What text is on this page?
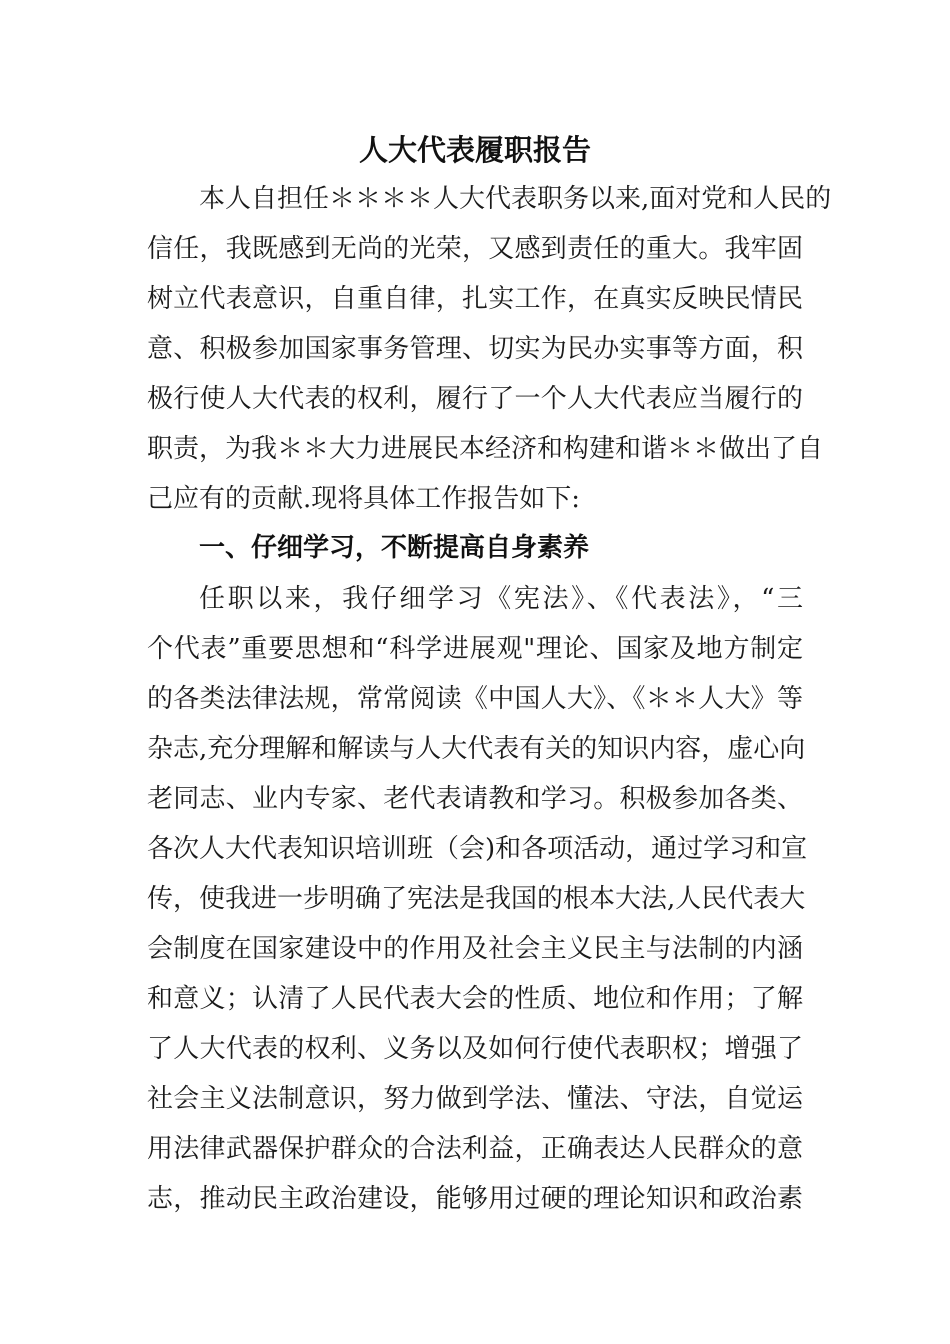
人大代表履职报告
本人自担任＊＊＊＊人大代表职务以来,面对党和人民的
信任，我既感到无尚的光荣，又感到责任的重大。我牢固
树立代表意识，自重自律，扎实工作，在真实反映民情民
意、积极参加国家事务管理、切实为民办实事等方面，积
极行使人大代表的权利，履行了一个人大代表应当履行的
职责，为我＊＊大力进展民本经济和构建和谐＊＊做出了自
己应有的贡献.现将具体工作报告如下:
一、仔细学习，不断提高自身素养
任职以来，我仔细学习《宪法》、《代表法》，“三
个代表”重要思想和“科学进展观"理论、国家及地方制定
的各类法律法规，常常阅读《中国人大》、《＊＊人大》等
杂志,充分理解和解读与人大代表有关的知识内容，虚心向
老同志、业内专家、老代表请教和学习。积极参加各类、
各次人大代表知识培训班（会)和各项活动，通过学习和宣
传，使我进一步明确了宪法是我国的根本大法,人民代表大
会制度在国家建设中的作用及社会主义民主与法制的内涵
和意义；认清了人民代表大会的性质、地位和作用；了解
了人大代表的权利、义务以及如何行使代表职权；增强了
社会主义法制意识，努力做到学法、懂法、守法，自觉运
用法律武器保护群众的合法利益，正确表达人民群众的意
志，推动民主政治建设，能够用过硬的理论知识和政治素
